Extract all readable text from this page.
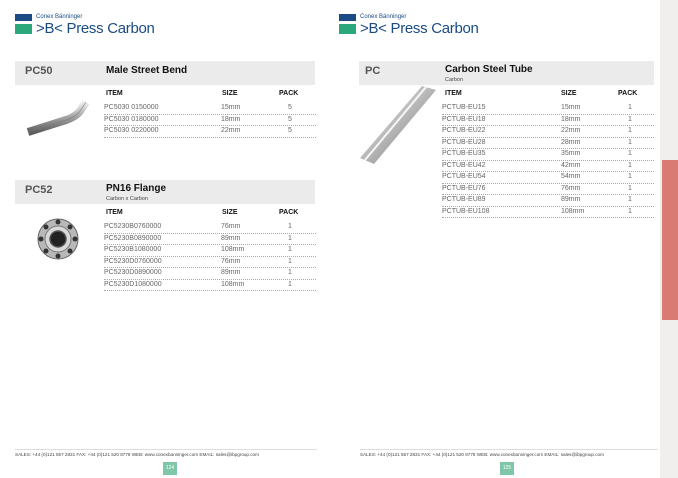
Conex Bänninger
>B< Press Carbon
PC50	Male Street Bend
ITEM	SIZE	PACK
PC5030 0150000	15mm	5
PC5030 0180000	18mm	5
PC5030 0220000	22mm	5
PC52	PN16 Flange
Carbon x Carbon
ITEM	SIZE	PACK
PC5230B0760000	76mm	1
PC5230B0890000	89mm	1
PC5230B1080000	108mm	1
PC5230D0760000	76mm	1
PC5230D0890000	89mm	1
PC5230D1080000	108mm	1
SALES: +44 (0)121 557 2831 FAX: +44 (0)121 520 8778 WEB: www.conexbanninger.com EMAIL: sales@ibpgroup.com
124
Conex Bänninger
>B< Press Carbon
PC	Carbon Steel Tube
Carbon
ITEM	SIZE	PACK
PCTUB-EU15	15mm	1
PCTUB-EU18	18mm	1
PCTUB-EU22	22mm	1
PCTUB-EU28	28mm	1
PCTUB-EU35	35mm	1
PCTUB-EU42	42mm	1
PCTUB-EU54	54mm	1
PCTUB-EU76	76mm	1
PCTUB-EU89	89mm	1
PCTUB-EU108	108mm	1
SALES: +44 (0)121 557 2831 FAX: +44 (0)121 520 8778 WEB: www.conexbanninger.com EMAIL: sales@ibpgroup.com
125
